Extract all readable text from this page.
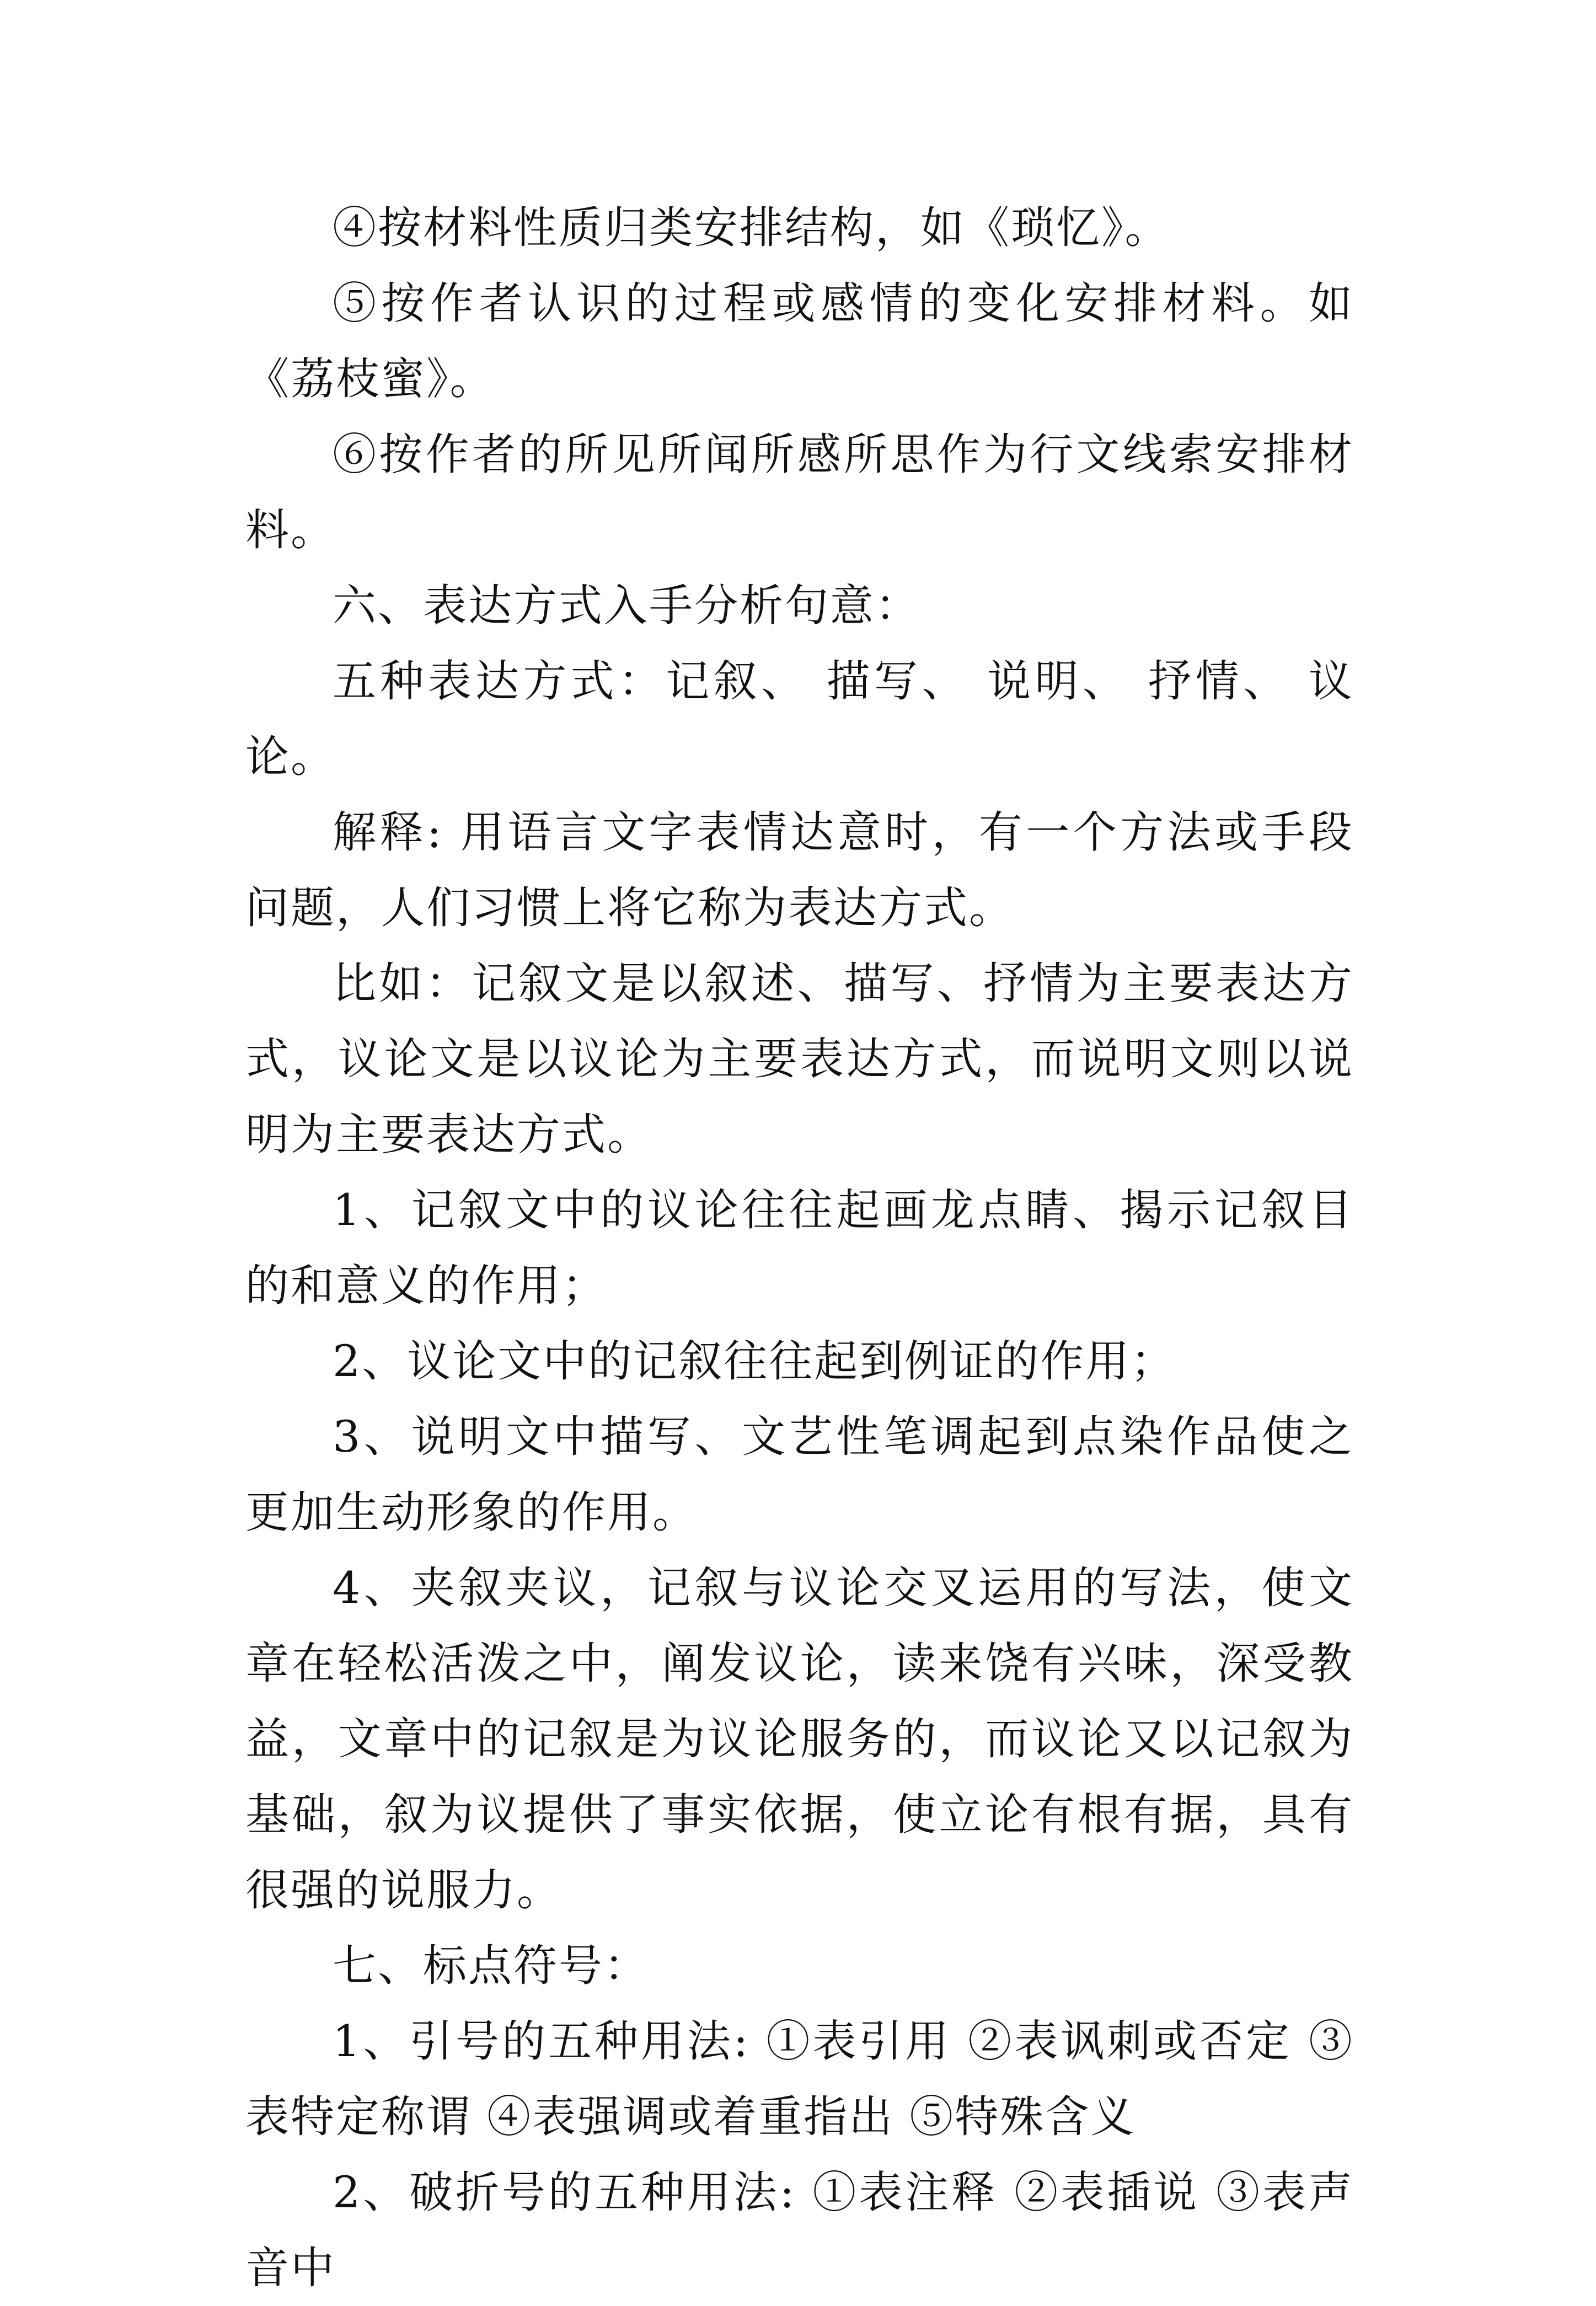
④按材料性质归类安排结构，如《琐忆》。

⑤按作者认识的过程或感情的变化安排材料。如《荔枝蜜》。

⑥按作者的所见所闻所感所思作为行文线索安排材料。

六、表达方式入手分析句意：

五种表达方式：记叙、 描写、 说明、 抒情、 议论。

解释: 用语言文字表情达意时，有一个方法或手段问题，人们习惯上将它称为表达方式。

比如：记叙文是以叙述、描写、抒情为主要表达方式，议论文是以议论为主要表达方式，而说明文则以说明为主要表达方式。

1、记叙文中的议论往往起画龙点睛、揭示记叙目的和意义的作用；

2、议论文中的记叙往往起到例证的作用；

3、说明文中描写、文艺性笔调起到点染作品使之更加生动形象的作用。

4、夹叙夹议，记叙与议论交叉运用的写法，使文章在轻松活泼之中，阐发议论，读来饶有兴味，深受教益，文章中的记叙是为议论服务的，而议论又以记叙为基础，叙为议提供了事实依据，使立论有根有据，具有很强的说服力。

七、标点符号：

1、引号的五种用法: ①表引用 ②表讽刺或否定 ③表特定称谓 ④表强调或着重指出 ⑤特殊含义

2、破折号的五种用法: ①表注释 ②表插说 ③表声音中
